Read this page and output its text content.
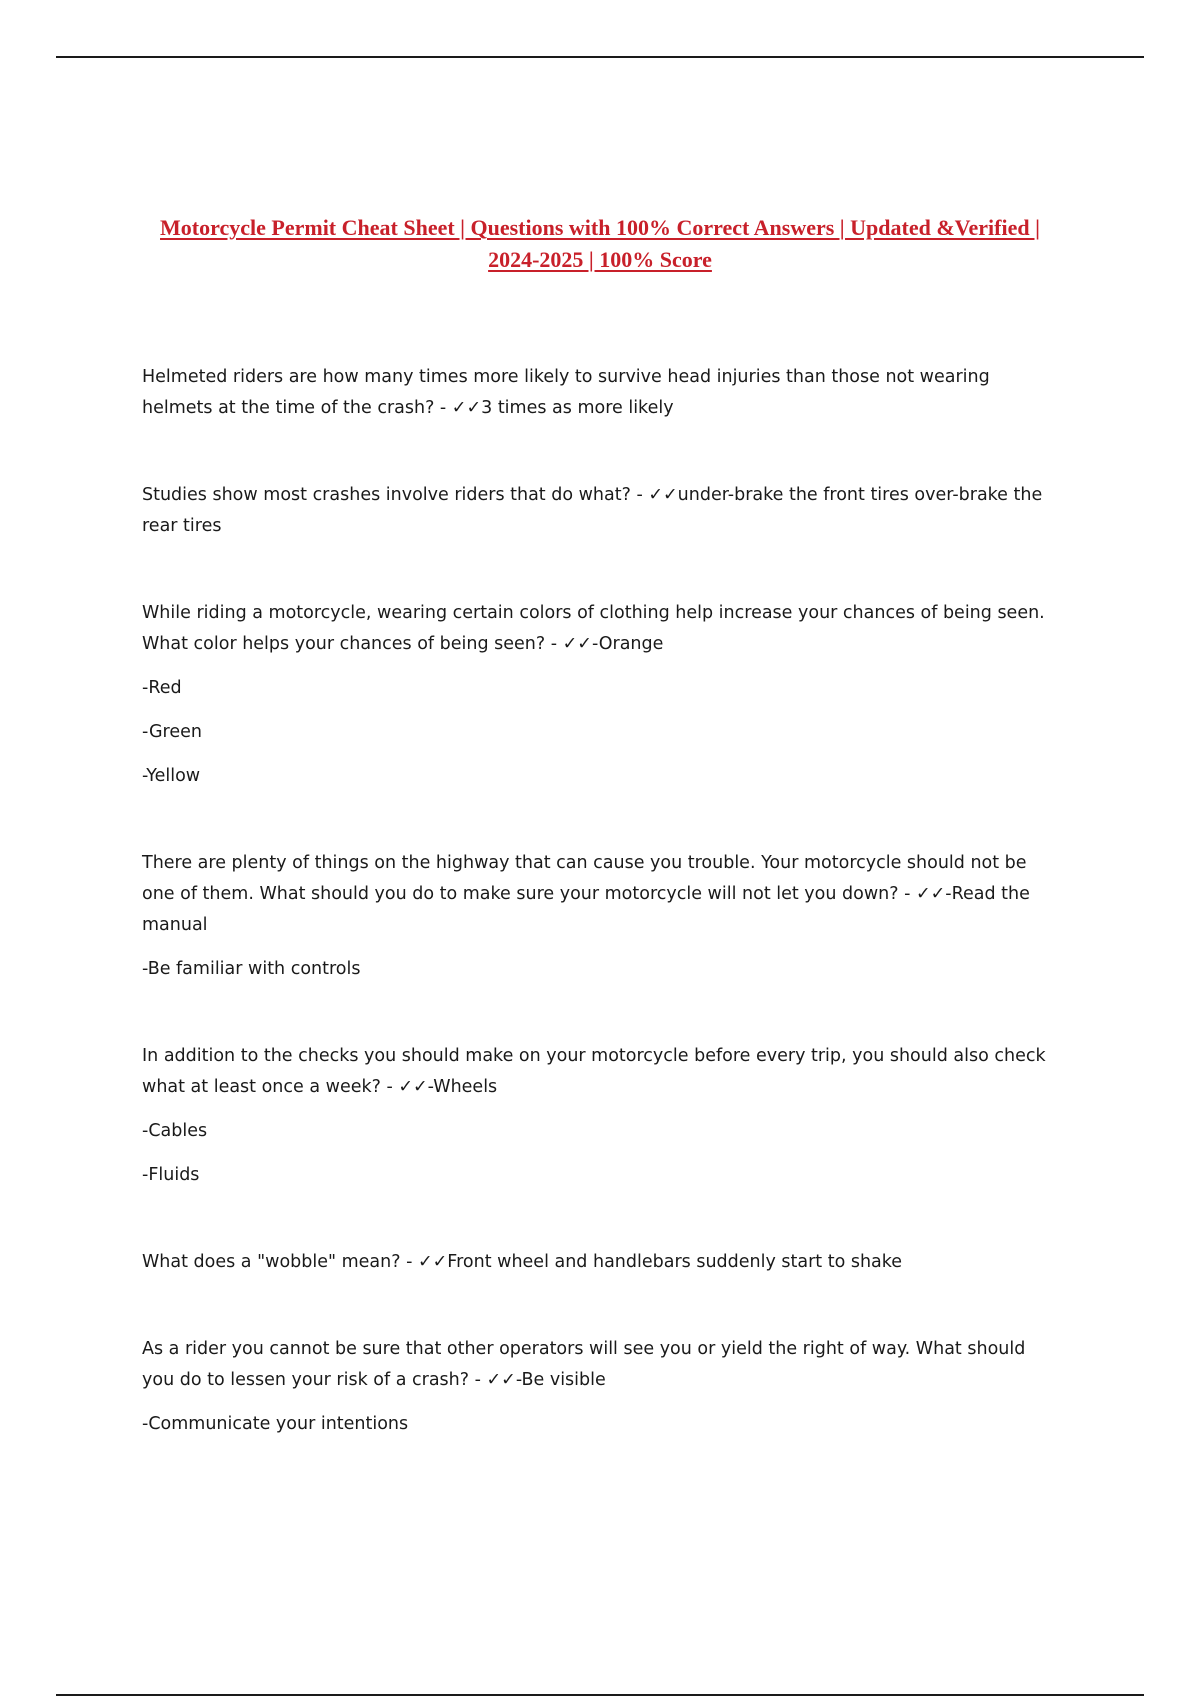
Motorcycle Permit Cheat Sheet | Questions with 100% Correct Answers | Updated &Verified | 2024-2025 | 100% Score

Helmeted riders are how many times more likely to survive head injuries than those not wearing helmets at the time of the crash? - ✓✓3 times as more likely

Studies show most crashes involve riders that do what? - ✓✓under-brake the front tires over-brake the rear tires

While riding a motorcycle, wearing certain colors of clothing help increase your chances of being seen. What color helps your chances of being seen? - ✓✓-Orange

-Red

-Green

-Yellow

There are plenty of things on the highway that can cause you trouble. Your motorcycle should not be one of them. What should you do to make sure your motorcycle will not let you down? - ✓✓-Read the manual

-Be familiar with controls

In addition to the checks you should make on your motorcycle before every trip, you should also check what at least once a week? - ✓✓-Wheels

-Cables

-Fluids

What does a "wobble" mean? - ✓✓Front wheel and handlebars suddenly start to shake

As a rider you cannot be sure that other operators will see you or yield the right of way. What should you do to lessen your risk of a crash? - ✓✓-Be visible

-Communicate your intentions
